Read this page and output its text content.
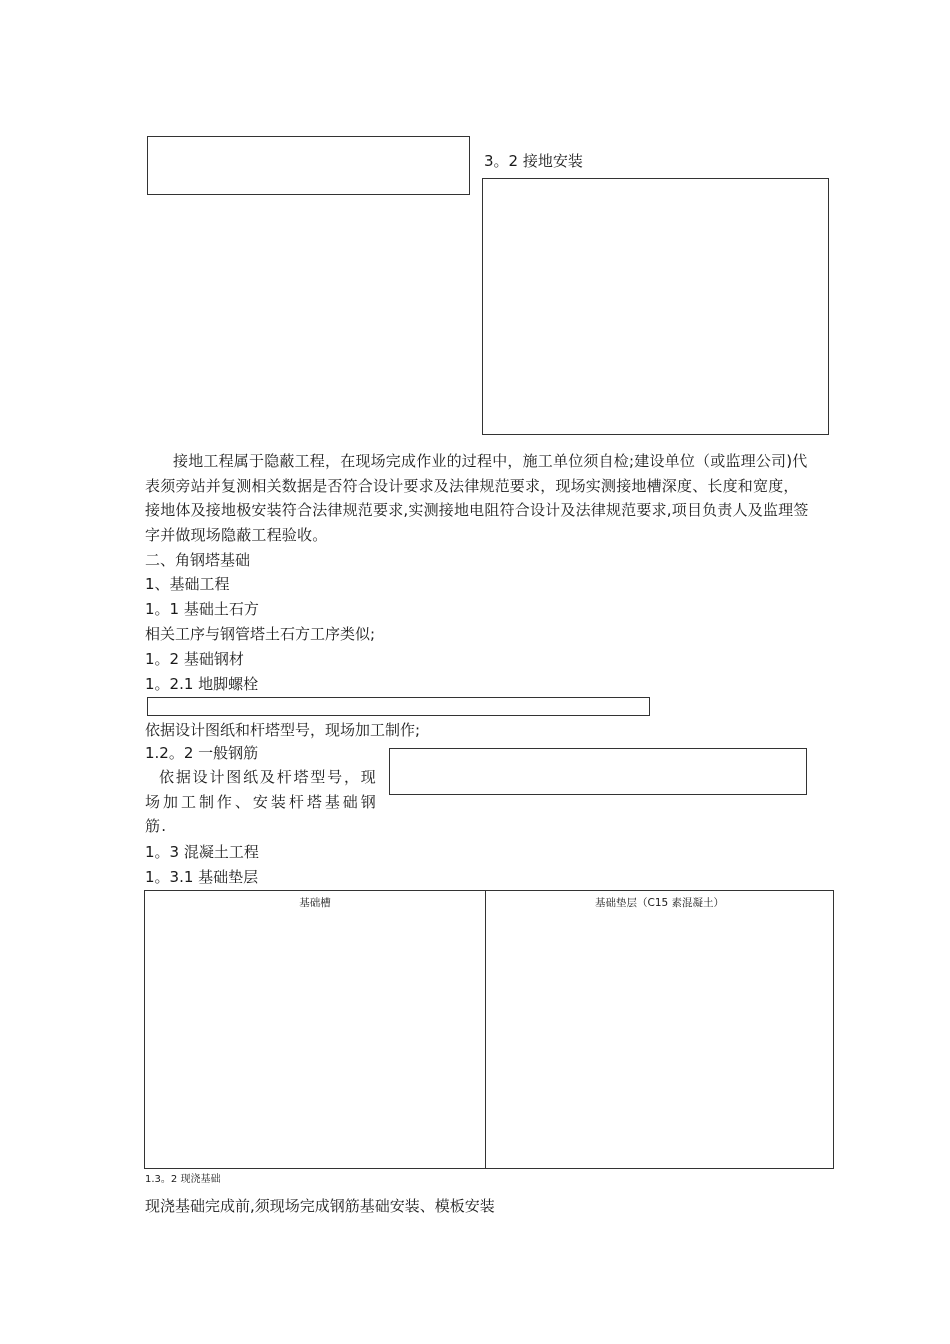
3。2 接地安装
接地工程属于隐蔽工程，在现场完成作业的过程中，施工单位须自检;建设单位（或监理公司)代表须旁站并复测相关数据是否符合设计要求及法律规范要求，现场实测接地槽深度、长度和宽度，接地体及接地极安装符合法律规范要求,实测接地电阻符合设计及法律规范要求,项目负责人及监理签字并做现场隐蔽工程验收。
二、角钢塔基础
1、基础工程
1。1 基础土石方
相关工序与钢管塔土石方工序类似;
1。2 基础钢材
1。2.1 地脚螺栓
依据设计图纸和杆塔型号，现场加工制作;
1.2。2 一般钢筋
依据设计图纸及杆塔型号，现场加工制作、安装杆塔基础钢筋.
1。3 混凝土工程
1。3.1 基础垫层
基础槽	基础垫层（C15 素混凝土）
1.3。2 现浇基础
现浇基础完成前,须现场完成钢筋基础安装、模板安装
